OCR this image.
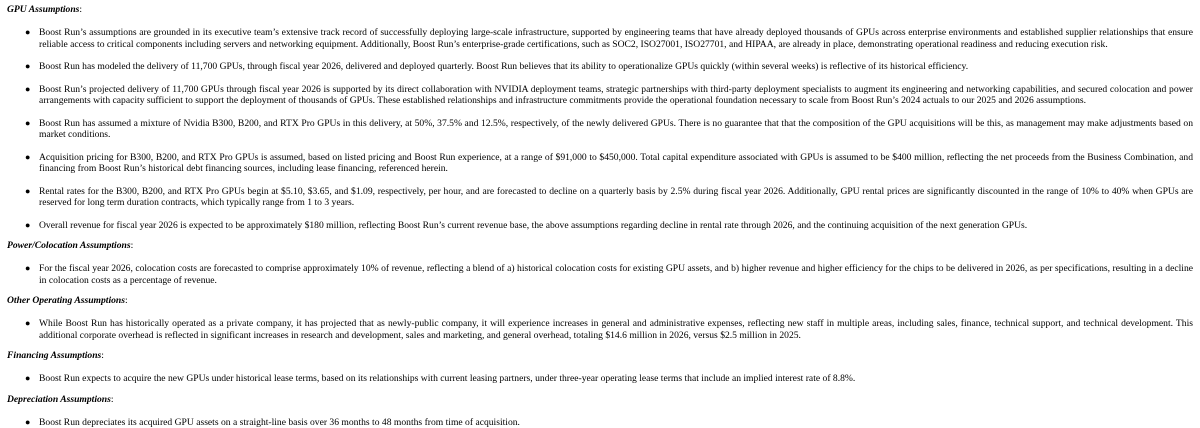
GPU Assumptions:

● Boost Run’s assumptions are grounded in its executive team’s extensive track record of successfully deploying large-scale infrastructure, supported by engineering teams that have already deployed thousands of GPUs across enterprise environments and established supplier relationships that ensure reliable access to critical components including servers and networking equipment. Additionally, Boost Run’s enterprise-grade certifications, such as SOC2, ISO27001, ISO27701, and HIPAA, are already in place, demonstrating operational readiness and reducing execution risk.

● Boost Run has modeled the delivery of 11,700 GPUs, through fiscal year 2026, delivered and deployed quarterly. Boost Run believes that its ability to operationalize GPUs quickly (within several weeks) is reflective of its historical efficiency.

● Boost Run’s projected delivery of 11,700 GPUs through fiscal year 2026 is supported by its direct collaboration with NVIDIA deployment teams, strategic partnerships with third-party deployment specialists to augment its engineering and networking capabilities, and secured colocation and power arrangements with capacity sufficient to support the deployment of thousands of GPUs. These established relationships and infrastructure commitments provide the operational foundation necessary to scale from Boost Run’s 2024 actuals to our 2025 and 2026 assumptions.

● Boost Run has assumed a mixture of Nvidia B300, B200, and RTX Pro GPUs in this delivery, at 50%, 37.5% and 12.5%, respectively, of the newly delivered GPUs. There is no guarantee that that the composition of the GPU acquisitions will be this, as management may make adjustments based on market conditions.

● Acquisition pricing for B300, B200, and RTX Pro GPUs is assumed, based on listed pricing and Boost Run experience, at a range of $91,000 to $450,000. Total capital expenditure associated with GPUs is assumed to be $400 million, reflecting the net proceeds from the Business Combination, and financing from Boost Run’s historical debt financing sources, including lease financing, referenced herein.

● Rental rates for the B300, B200, and RTX Pro GPUs begin at $5.10, $3.65, and $1.09, respectively, per hour, and are forecasted to decline on a quarterly basis by 2.5% during fiscal year 2026. Additionally, GPU rental prices are significantly discounted in the range of 10% to 40% when GPUs are reserved for long term duration contracts, which typically range from 1 to 3 years.

● Overall revenue for fiscal year 2026 is expected to be approximately $180 million, reflecting Boost Run’s current revenue base, the above assumptions regarding decline in rental rate through 2026, and the continuing acquisition of the next generation GPUs.

Power/Colocation Assumptions:

● For the fiscal year 2026, colocation costs are forecasted to comprise approximately 10% of revenue, reflecting a blend of a) historical colocation costs for existing GPU assets, and b) higher revenue and higher efficiency for the chips to be delivered in 2026, as per specifications, resulting in a decline in colocation costs as a percentage of revenue.

Other Operating Assumptions:

● While Boost Run has historically operated as a private company, it has projected that as newly-public company, it will experience increases in general and administrative expenses, reflecting new staff in multiple areas, including sales, finance, technical support, and technical development. This additional corporate overhead is reflected in significant increases in research and development, sales and marketing, and general overhead, totaling $14.6 million in 2026, versus $2.5 million in 2025.

Financing Assumptions:

● Boost Run expects to acquire the new GPUs under historical lease terms, based on its relationships with current leasing partners, under three-year operating lease terms that include an implied interest rate of 8.8%.

Depreciation Assumptions:

● Boost Run depreciates its acquired GPU assets on a straight-line basis over 36 months to 48 months from time of acquisition.
